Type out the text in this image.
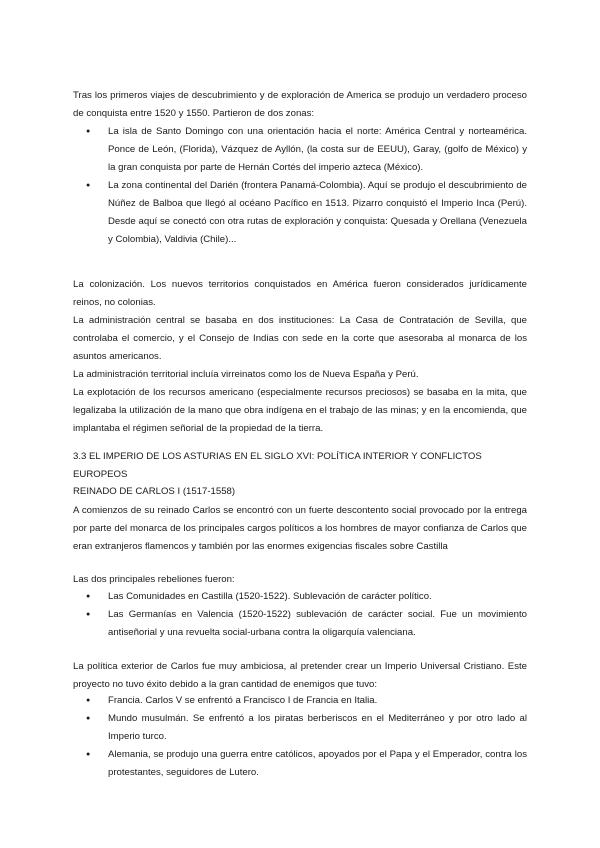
Tras los primeros viajes de descubrimiento y de exploración de America se produjo un verdadero proceso de conquista entre 1520 y 1550. Partieron de dos zonas:

● La isla de Santo Domingo con una orientación hacia el norte: América Central y norteamérica. Ponce de León, (Florida), Vázquez de Ayllón, (la costa sur de EEUU), Garay, (golfo de México) y la gran conquista por parte de Hernán Cortés del imperio azteca (México).
● La zona continental del Darién (frontera Panamá-Colombia). Aquí se produjo el descubrimiento de Núñez de Balboa que llegó al océano Pacífico en 1513. Pizarro conquistó el Imperio Inca (Perú). Desde aquí se conectó con otra rutas de exploración y conquista: Quesada y Orellana (Venezuela y Colombia), Valdivia (Chile)...

La colonización. Los nuevos territorios conquistados en América fueron considerados jurídicamente reinos, no colonias.

La administración central se basaba en dos instituciones: La Casa de Contratación de Sevilla, que controlaba el comercio, y el Consejo de Indias con sede en la corte que asesoraba al monarca de los asuntos americanos.

La administración territorial incluía virreinatos como los de Nueva España y Perú.

La explotación de los recursos americano (especialmente recursos preciosos) se basaba en la mita, que legalizaba la utilización de la mano que obra indígena en el trabajo de las minas; y en la encomienda, que implantaba el régimen señorial de la propiedad de la tierra.

3.3 EL IMPERIO DE LOS ASTURIAS EN EL SIGLO XVI: POLÍTICA INTERIOR Y CONFLICTOS EUROPEOS
REINADO DE CARLOS I (1517-1558)

A comienzos de su reinado Carlos se encontró con un fuerte descontento social provocado por la entrega por parte del monarca de los principales cargos políticos a los hombres de mayor confianza de Carlos que eran extranjeros flamencos y también por las enormes exigencias fiscales sobre Castilla

Las dos principales rebeliones fueron:

● Las Comunidades en Castilla (1520-1522). Sublevación de carácter político.
● Las Germanías en Valencia (1520-1522) sublevación de carácter social. Fue un movimiento antiseñorial y una revuelta social-urbana contra la oligarquía valenciana.

La política exterior de Carlos fue muy ambiciosa, al pretender crear un Imperio Universal Cristiano. Este proyecto no tuvo éxito debido a la gran cantidad de enemigos que tuvo:

● Francia. Carlos V se enfrentó a Francisco I de Francia en Italia.
● Mundo musulmán. Se enfrentó a los piratas berberiscos en el Mediterráneo y por otro lado al Imperio turco.
● Alemania, se produjo una guerra entre católicos, apoyados por el Papa y el Emperador, contra los protestantes, seguidores de Lutero.
